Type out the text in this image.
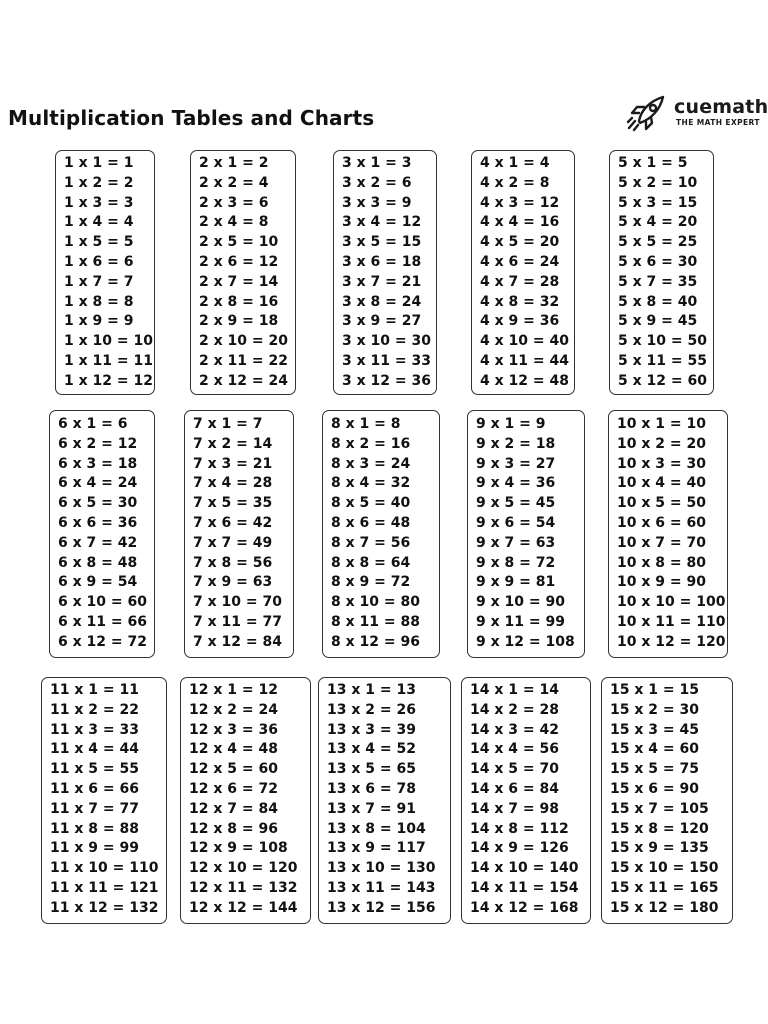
Multiplication Tables and Charts	cuemath
THE MATH EXPERT
1 x 1 = 1
1 x 2 = 2
1 x 3 = 3
1 x 4 = 4
1 x 5 = 5
1 x 6 = 6
1 x 7 = 7
1 x 8 = 8
1 x 9 = 9
1 x 10 = 10
1 x 11 = 11
1 x 12 = 12
2 x 1 = 2
2 x 2 = 4
2 x 3 = 6
2 x 4 = 8
2 x 5 = 10
2 x 6 = 12
2 x 7 = 14
2 x 8 = 16
2 x 9 = 18
2 x 10 = 20
2 x 11 = 22
2 x 12 = 24
3 x 1 = 3
3 x 2 = 6
3 x 3 = 9
3 x 4 = 12
3 x 5 = 15
3 x 6 = 18
3 x 7 = 21
3 x 8 = 24
3 x 9 = 27
3 x 10 = 30
3 x 11 = 33
3 x 12 = 36
4 x 1 = 4
4 x 2 = 8
4 x 3 = 12
4 x 4 = 16
4 x 5 = 20
4 x 6 = 24
4 x 7 = 28
4 x 8 = 32
4 x 9 = 36
4 x 10 = 40
4 x 11 = 44
4 x 12 = 48
5 x 1 = 5
5 x 2 = 10
5 x 3 = 15
5 x 4 = 20
5 x 5 = 25
5 x 6 = 30
5 x 7 = 35
5 x 8 = 40
5 x 9 = 45
5 x 10 = 50
5 x 11 = 55
5 x 12 = 60
6 x 1 = 6
6 x 2 = 12
6 x 3 = 18
6 x 4 = 24
6 x 5 = 30
6 x 6 = 36
6 x 7 = 42
6 x 8 = 48
6 x 9 = 54
6 x 10 = 60
6 x 11 = 66
6 x 12 = 72
7 x 1 = 7
7 x 2 = 14
7 x 3 = 21
7 x 4 = 28
7 x 5 = 35
7 x 6 = 42
7 x 7 = 49
7 x 8 = 56
7 x 9 = 63
7 x 10 = 70
7 x 11 = 77
7 x 12 = 84
8 x 1 = 8
8 x 2 = 16
8 x 3 = 24
8 x 4 = 32
8 x 5 = 40
8 x 6 = 48
8 x 7 = 56
8 x 8 = 64
8 x 9 = 72
8 x 10 = 80
8 x 11 = 88
8 x 12 = 96
9 x 1 = 9
9 x 2 = 18
9 x 3 = 27
9 x 4 = 36
9 x 5 = 45
9 x 6 = 54
9 x 7 = 63
9 x 8 = 72
9 x 9 = 81
9 x 10 = 90
9 x 11 = 99
9 x 12 = 108
10 x 1 = 10
10 x 2 = 20
10 x 3 = 30
10 x 4 = 40
10 x 5 = 50
10 x 6 = 60
10 x 7 = 70
10 x 8 = 80
10 x 9 = 90
10 x 10 = 100
10 x 11 = 110
10 x 12 = 120
11 x 1 = 11
11 x 2 = 22
11 x 3 = 33
11 x 4 = 44
11 x 5 = 55
11 x 6 = 66
11 x 7 = 77
11 x 8 = 88
11 x 9 = 99
11 x 10 = 110
11 x 11 = 121
11 x 12 = 132
12 x 1 = 12
12 x 2 = 24
12 x 3 = 36
12 x 4 = 48
12 x 5 = 60
12 x 6 = 72
12 x 7 = 84
12 x 8 = 96
12 x 9 = 108
12 x 10 = 120
12 x 11 = 132
12 x 12 = 144
13 x 1 = 13
13 x 2 = 26
13 x 3 = 39
13 x 4 = 52
13 x 5 = 65
13 x 6 = 78
13 x 7 = 91
13 x 8 = 104
13 x 9 = 117
13 x 10 = 130
13 x 11 = 143
13 x 12 = 156
14 x 1 = 14
14 x 2 = 28
14 x 3 = 42
14 x 4 = 56
14 x 5 = 70
14 x 6 = 84
14 x 7 = 98
14 x 8 = 112
14 x 9 = 126
14 x 10 = 140
14 x 11 = 154
14 x 12 = 168
15 x 1 = 15
15 x 2 = 30
15 x 3 = 45
15 x 4 = 60
15 x 5 = 75
15 x 6 = 90
15 x 7 = 105
15 x 8 = 120
15 x 9 = 135
15 x 10 = 150
15 x 11 = 165
15 x 12 = 180
